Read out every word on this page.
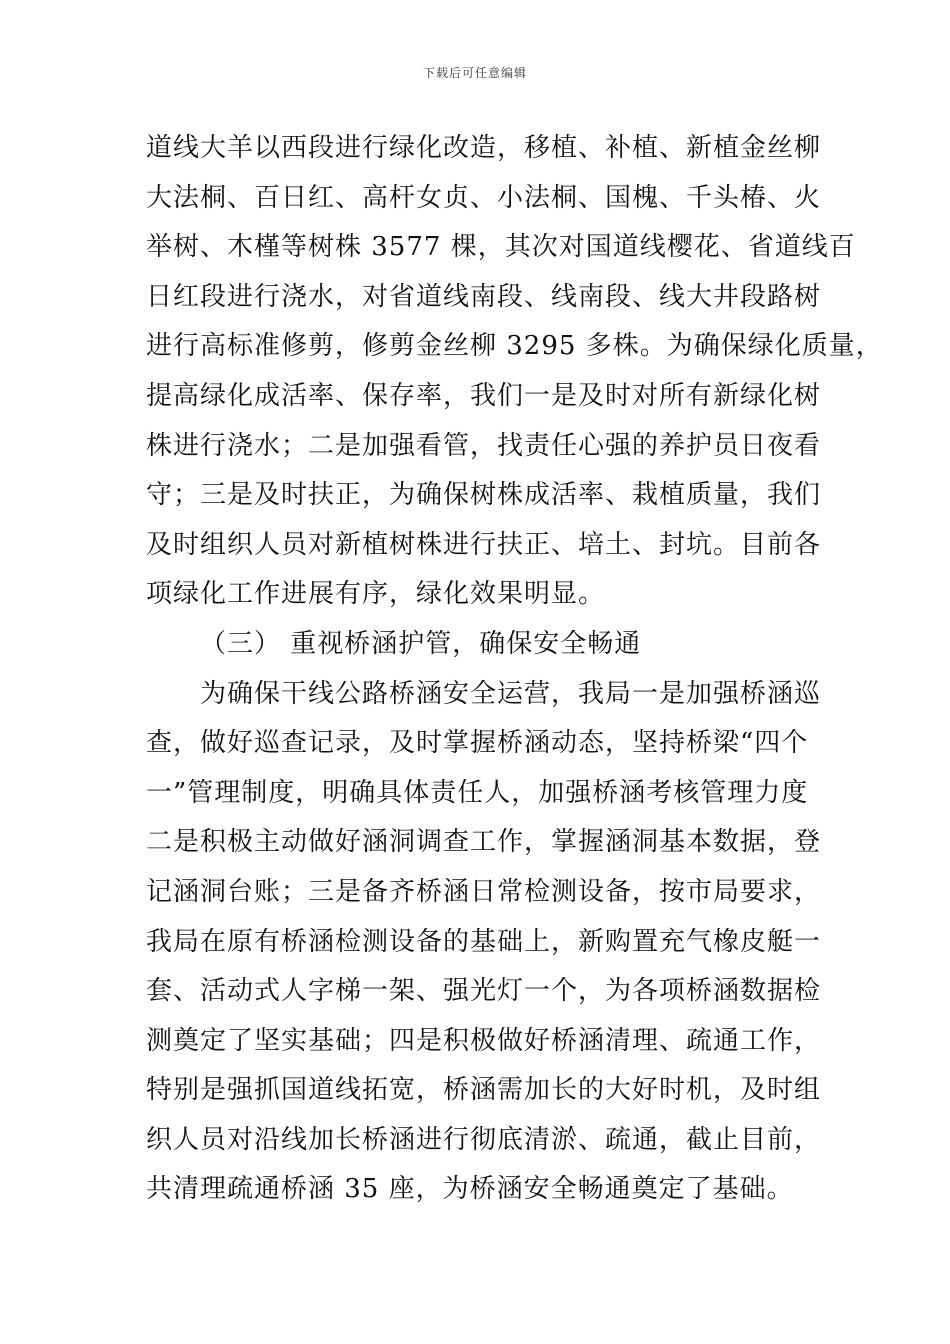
下载后可任意编辑
道线大羊以西段进行绿化改造，移植、补植、新植金丝柳
大法桐、百日红、高杆女贞、小法桐、国槐、千头椿、火
举树、木槿等树株 3577 棵，其次对国道线樱花、省道线百
日红段进行浇水，对省道线南段、线南段、线大井段路树
进行高标准修剪，修剪金丝柳 3295 多株。为确保绿化质量，
提高绿化成活率、保存率，我们一是及时对所有新绿化树
株进行浇水；二是加强看管，找责任心强的养护员日夜看
守；三是及时扶正，为确保树株成活率、栽植质量，我们
及时组织人员对新植树株进行扶正、培土、封坑。目前各
项绿化工作进展有序，绿化效果明显。
（三） 重视桥涵护管，确保安全畅通
为确保干线公路桥涵安全运营，我局一是加强桥涵巡
查，做好巡查记录，及时掌握桥涵动态，坚持桥梁“四个
一”管理制度，明确具体责任人，加强桥涵考核管理力度
二是积极主动做好涵洞调查工作，掌握涵洞基本数据，登
记涵洞台账；三是备齐桥涵日常检测设备，按市局要求，
我局在原有桥涵检测设备的基础上，新购置充气橡皮艇一
套、活动式人字梯一架、强光灯一个，为各项桥涵数据检
测奠定了坚实基础；四是积极做好桥涵清理、疏通工作，
特别是强抓国道线拓宽，桥涵需加长的大好时机，及时组
织人员对沿线加长桥涵进行彻底清淤、疏通，截止目前，
共清理疏通桥涵 35 座，为桥涵安全畅通奠定了基础。
